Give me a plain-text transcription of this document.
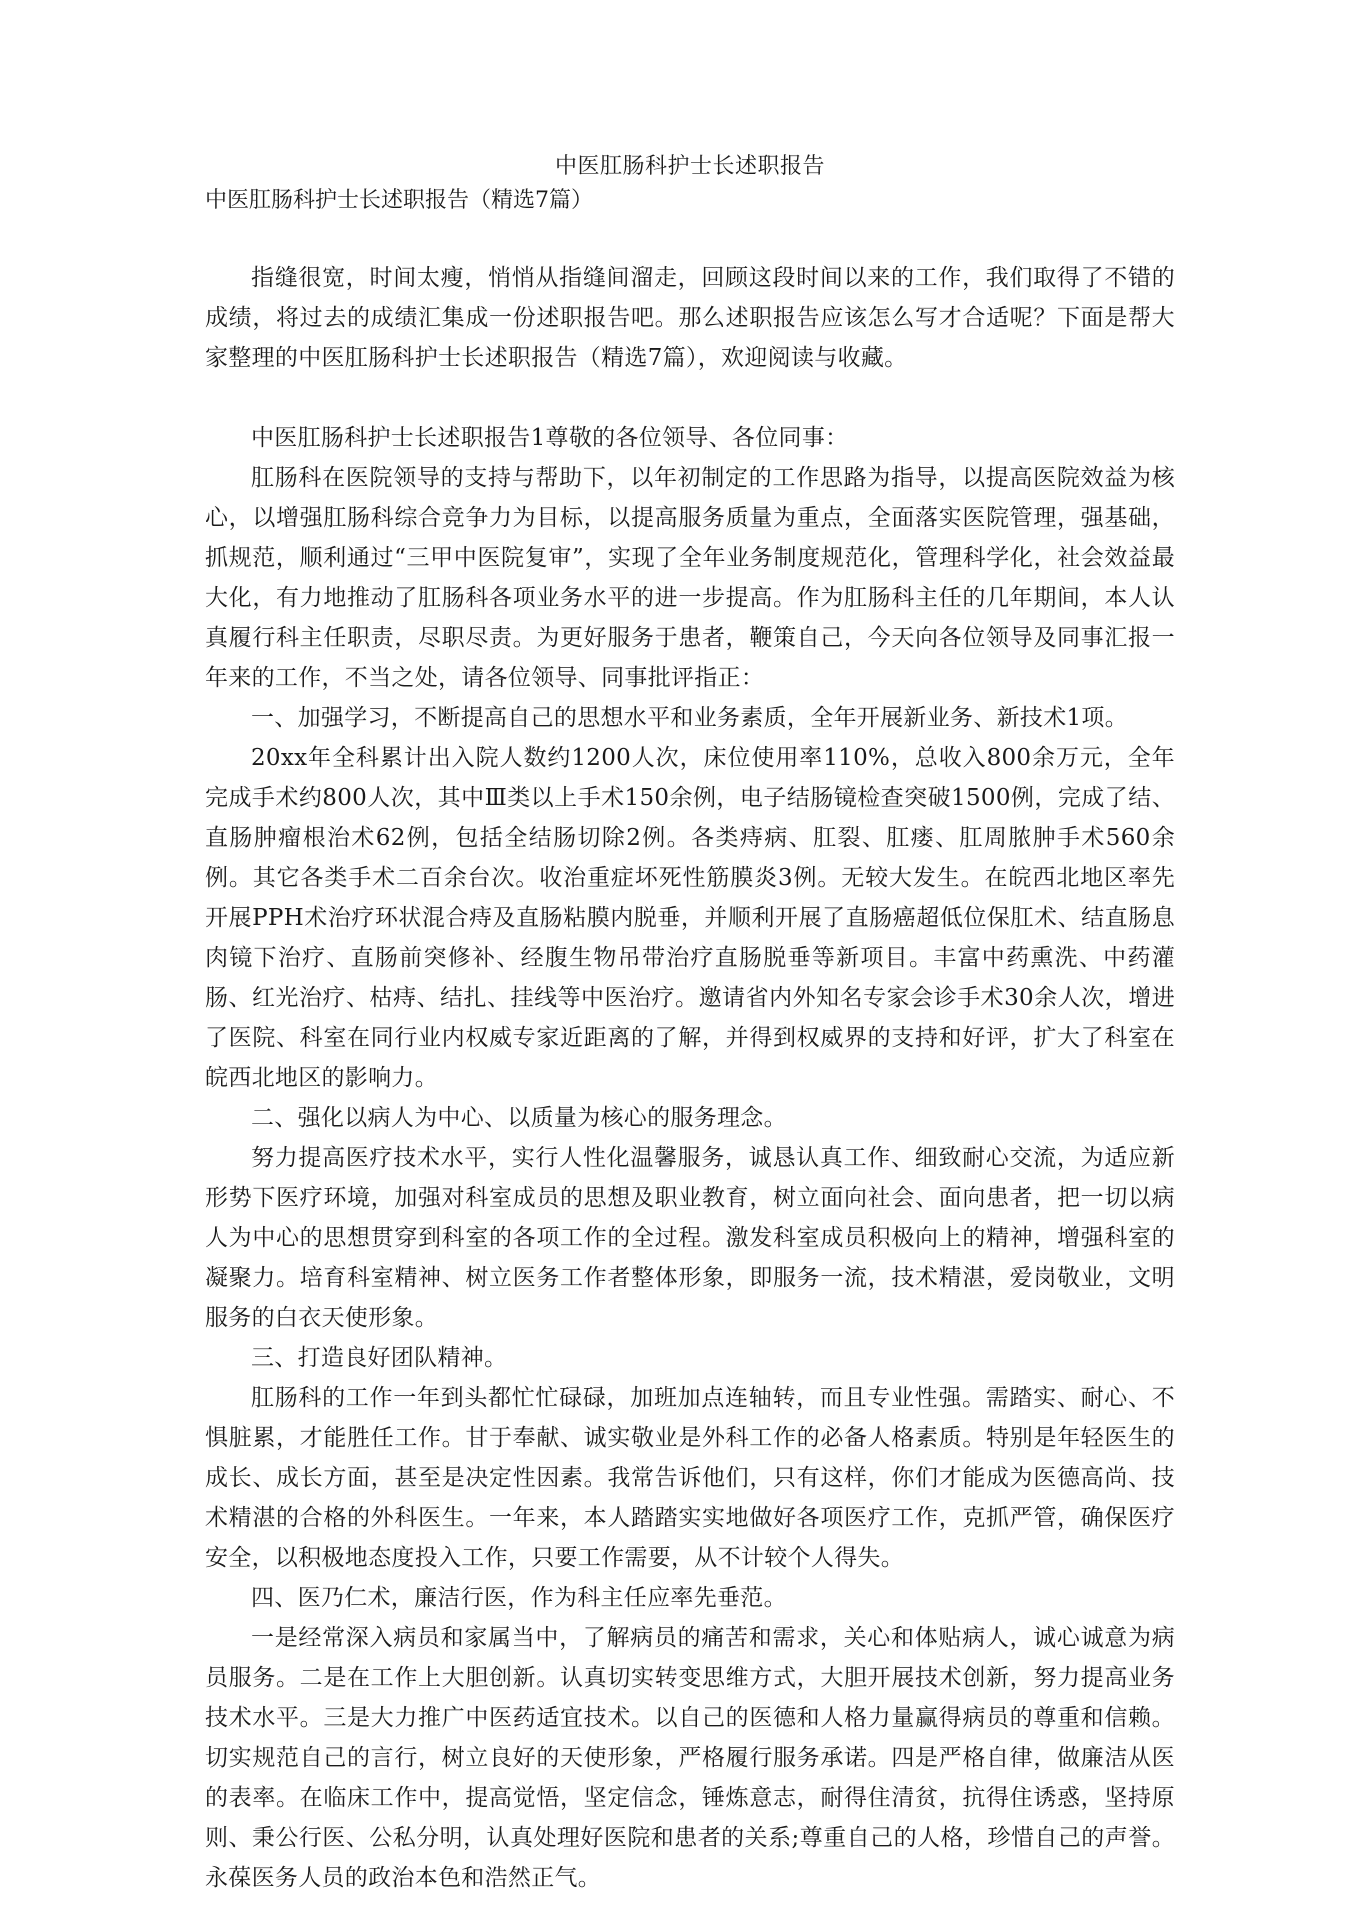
中医肛肠科护士长述职报告

中医肛肠科护士长述职报告（精选7篇）

指缝很宽，时间太瘦，悄悄从指缝间溜走，回顾这段时间以来的工作，我们取得了不错的成绩，将过去的成绩汇集成一份述职报告吧。那么述职报告应该怎么写才合适呢？下面是帮大家整理的中医肛肠科护士长述职报告（精选7篇），欢迎阅读与收藏。

中医肛肠科护士长述职报告1尊敬的各位领导、各位同事：

肛肠科在医院领导的支持与帮助下，以年初制定的工作思路为指导，以提高医院效益为核心，以增强肛肠科综合竞争力为目标，以提高服务质量为重点，全面落实医院管理，强基础，抓规范，顺利通过“三甲中医院复审”，实现了全年业务制度规范化，管理科学化，社会效益最大化，有力地推动了肛肠科各项业务水平的进一步提高。作为肛肠科主任的几年期间，本人认真履行科主任职责，尽职尽责。为更好服务于患者，鞭策自己，今天向各位领导及同事汇报一年来的工作，不当之处，请各位领导、同事批评指正：

一、加强学习，不断提高自己的思想水平和业务素质，全年开展新业务、新技术1项。

20xx年全科累计出入院人数约1200人次，床位使用率110%，总收入800余万元，全年完成手术约800人次，其中Ⅲ类以上手术150余例，电子结肠镜检查突破1500例，完成了结、直肠肿瘤根治术62例，包括全结肠切除2例。各类痔病、肛裂、肛瘘、肛周脓肿手术560余例。其它各类手术二百余台次。收治重症坏死性筋膜炎3例。无较大发生。在皖西北地区率先开展PPH术治疗环状混合痔及直肠粘膜内脱垂，并顺利开展了直肠癌超低位保肛术、结直肠息肉镜下治疗、直肠前突修补、经腹生物吊带治疗直肠脱垂等新项目。丰富中药熏洗、中药灌肠、红光治疗、枯痔、结扎、挂线等中医治疗。邀请省内外知名专家会诊手术30余人次，增进了医院、科室在同行业内权威专家近距离的了解，并得到权威界的支持和好评，扩大了科室在皖西北地区的影响力。

二、强化以病人为中心、以质量为核心的服务理念。

努力提高医疗技术水平，实行人性化温馨服务，诚恳认真工作、细致耐心交流，为适应新形势下医疗环境，加强对科室成员的思想及职业教育，树立面向社会、面向患者，把一切以病人为中心的思想贯穿到科室的各项工作的全过程。激发科室成员积极向上的精神，增强科室的凝聚力。培育科室精神、树立医务工作者整体形象，即服务一流，技术精湛，爱岗敬业，文明服务的白衣天使形象。

三、打造良好团队精神。

肛肠科的工作一年到头都忙忙碌碌，加班加点连轴转，而且专业性强。需踏实、耐心、不惧脏累，才能胜任工作。甘于奉献、诚实敬业是外科工作的必备人格素质。特别是年轻医生的成长、成长方面，甚至是决定性因素。我常告诉他们，只有这样，你们才能成为医德高尚、技术精湛的合格的外科医生。一年来，本人踏踏实实地做好各项医疗工作，克抓严管，确保医疗安全，以积极地态度投入工作，只要工作需要，从不计较个人得失。

四、医乃仁术，廉洁行医，作为科主任应率先垂范。

一是经常深入病员和家属当中，了解病员的痛苦和需求，关心和体贴病人，诚心诚意为病员服务。二是在工作上大胆创新。认真切实转变思维方式，大胆开展技术创新，努力提高业务技术水平。三是大力推广中医药适宜技术。以自己的医德和人格力量赢得病员的尊重和信赖。切实规范自己的言行，树立良好的天使形象，严格履行服务承诺。四是严格自律，做廉洁从医的表率。在临床工作中，提高觉悟，坚定信念，锤炼意志，耐得住清贫，抗得住诱惑，坚持原则、秉公行医、公私分明，认真处理好医院和患者的关系;尊重自己的人格，珍惜自己的声誉。永葆医务人员的政治本色和浩然正气。
